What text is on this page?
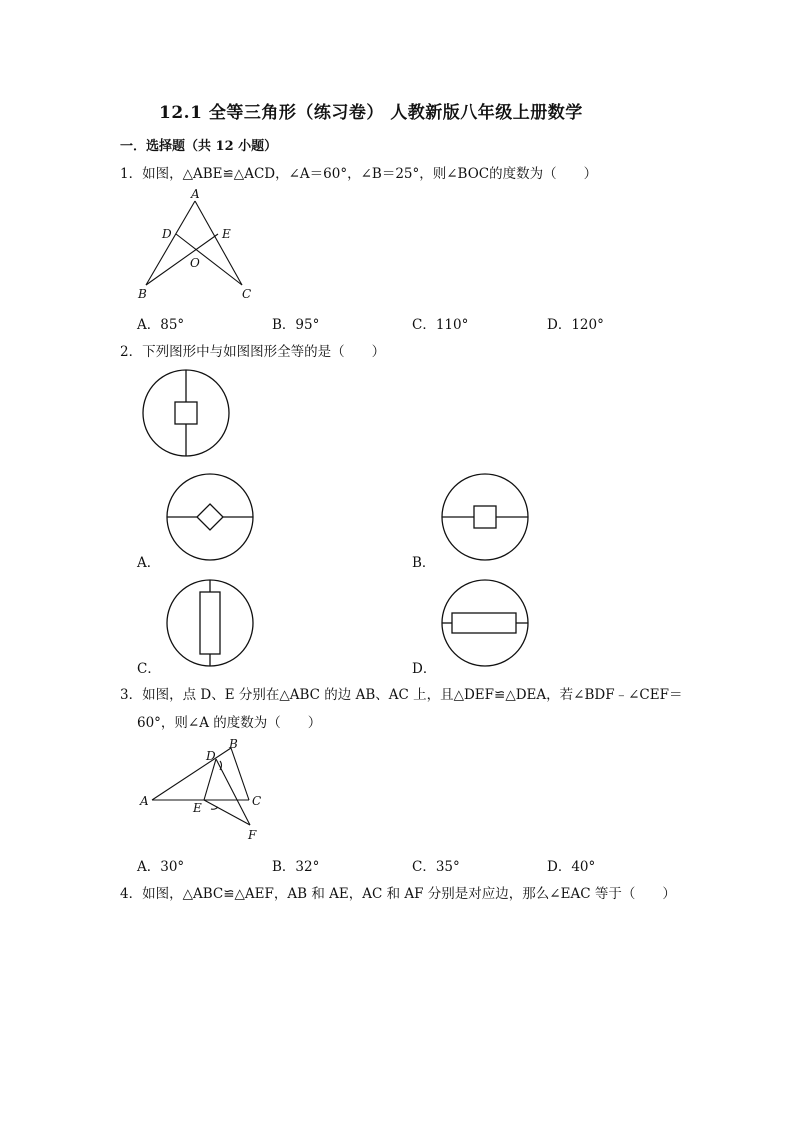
12.1 全等三角形（练习卷） 人教新版八年级上册数学
一．选择题（共 12 小题）
1．如图，△ABE≌△ACD，∠A＝60°，∠B＝25°，则∠BOC的度数为（　　）
A
D	E
O
B	C
A．85°	B．95°	C．110°	D．120°
2．下列图形中与如图图形全等的是（　　）
A．	B．
C．	D．
3．如图，点 D、E 分别在△ABC 的边 AB、AC 上，且△DEF≌△DEA，若∠BDF﹣∠CEF＝
60°，则∠A 的度数为（　　）
D
B
A	E	C
F
A．30°	B．32°	C．35°	D．40°
4．如图，△ABC≌△AEF，AB 和 AE，AC 和 AF 分别是对应边，那么∠EAC 等于（　　）
